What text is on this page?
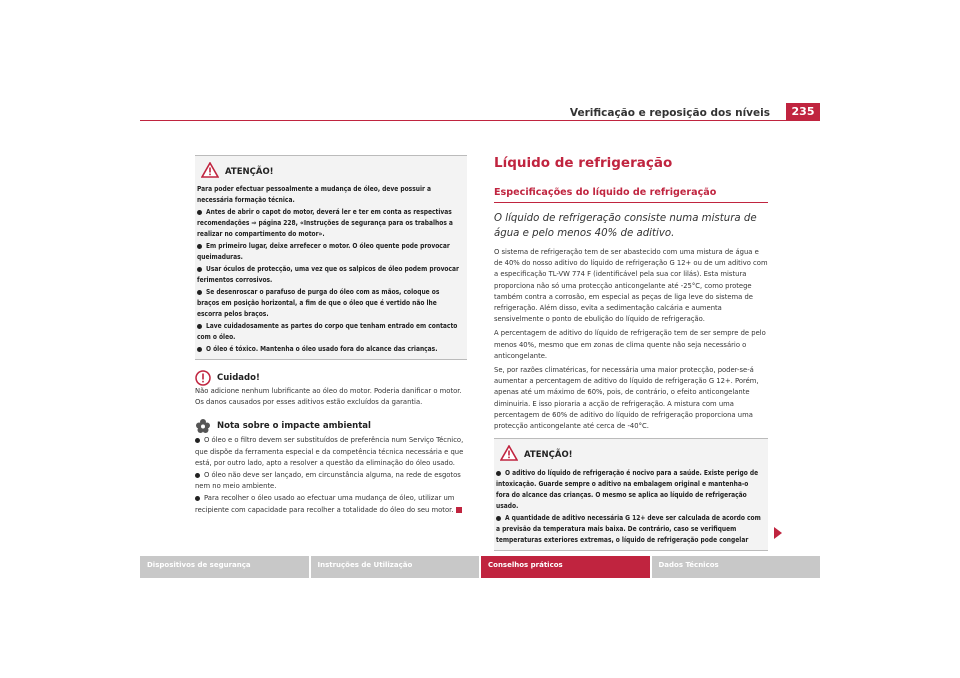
Verificação e reposição dos níveis	235
ATENÇÃO!
Para poder efectuar pessoalmente a mudança de óleo, deve possuir a necessária formação técnica.
Antes de abrir o capot do motor, deverá ler e ter em conta as respectivas recomendações ⇒ página 228, «Instruções de segurança para os trabalhos a realizar no compartimento do motor».
Em primeiro lugar, deixe arrefecer o motor. O óleo quente pode provocar queimaduras.
Usar óculos de protecção, uma vez que os salpicos de óleo podem provocar ferimentos corrosivos.
Se desenroscar o parafuso de purga do óleo com as mãos, coloque os braços em posição horizontal, a fim de que o óleo que é vertido não lhe escorra pelos braços.
Lave cuidadosamente as partes do corpo que tenham entrado em contacto com o óleo.
O óleo é tóxico. Mantenha o óleo usado fora do alcance das crianças.
Cuidado!
Não adicione nenhum lubrificante ao óleo do motor. Poderia danificar o motor. Os danos causados por esses aditivos estão excluídos da garantia.
Nota sobre o impacte ambiental
O óleo e o filtro devem ser substituídos de preferência num Serviço Técnico, que dispõe da ferramenta especial e da competência técnica necessária e que está, por outro lado, apto a resolver a questão da eliminação do óleo usado.
O óleo não deve ser lançado, em circunstância alguma, na rede de esgotos nem no meio ambiente.
Para recolher o óleo usado ao efectuar uma mudança de óleo, utilizar um recipiente com capacidade para recolher a totalidade do óleo do seu motor.
Líquido de refrigeração
Especificações do líquido de refrigeração
O líquido de refrigeração consiste numa mistura de água e pelo menos 40% de aditivo.

O sistema de refrigeração tem de ser abastecido com uma mistura de água e de 40% do nosso aditivo do líquido de refrigeração G 12+ ou de um aditivo com a especificação TL-VW 774 F (identificável pela sua cor lilás). Esta mistura proporciona não só uma protecção anticongelante até -25°C, como protege também contra a corrosão, em especial as peças de liga leve do sistema de refrigeração. Além disso, evita a sedimentação calcária e aumenta sensivelmente o ponto de ebulição do líquido de refrigeração.

A percentagem de aditivo do líquido de refrigeração tem de ser sempre de pelo menos 40%, mesmo que em zonas de clima quente não seja necessário o anticongelante.

Se, por razões climatéricas, for necessária uma maior protecção, poder-se-á aumentar a percentagem de aditivo do líquido de refrigeração G 12+. Porém, apenas até um máximo de 60%, pois, de contrário, o efeito anticongelante diminuiria. E isso pioraria a acção de refrigeração. A mistura com uma percentagem de 60% de aditivo do líquido de refrigeração proporciona uma protecção anticongelante até cerca de -40°C.

ATENÇÃO!
O aditivo do líquido de refrigeração é nocivo para a saúde. Existe perigo de intoxicação. Guarde sempre o aditivo na embalagem original e mantenha-o fora do alcance das crianças. O mesmo se aplica ao líquido de refrigeração usado.
A quantidade de aditivo necessária G 12+ deve ser calculada de acordo com a previsão da temperatura mais baixa. De contrário, caso se verifiquem temperaturas exteriores extremas, o líquido de refrigeração pode congelar
Dispositivos de segurança	Instruções de Utilização	Conselhos práticos	Dados Técnicos
